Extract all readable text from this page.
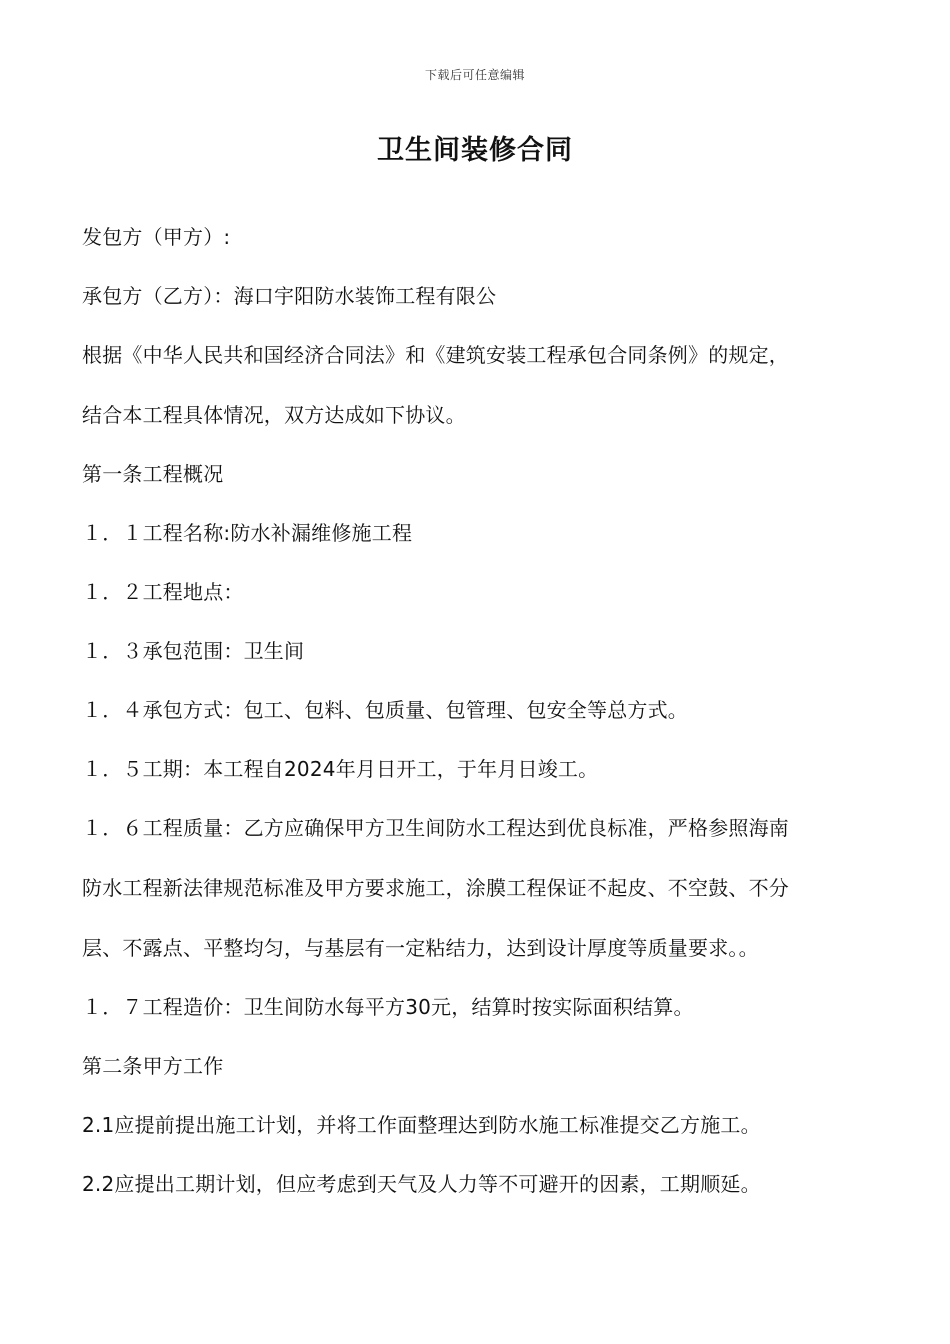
下载后可任意编辑
卫生间装修合同
发包方（甲方）:
承包方（乙方）：海口宇阳防水装饰工程有限公
根据《中华人民共和国经济合同法》和《建筑安装工程承包合同条例》的规定，
结合本工程具体情况，双方达成如下协议。
第一条工程概况
１．１工程名称:防水补漏维修施工程
１．２工程地点：
１．３承包范围：卫生间
１．４承包方式：包工、包料、包质量、包管理、包安全等总方式。
１．５工期：本工程自2024年月日开工，于年月日竣工。
１．６工程质量：乙方应确保甲方卫生间防水工程达到优良标准，严格参照海南
防水工程新法律规范标准及甲方要求施工，涂膜工程保证不起皮、不空鼓、不分
层、不露点、平整均匀，与基层有一定粘结力，达到设计厚度等质量要求。。
１．７工程造价：卫生间防水每平方30元，结算时按实际面积结算。
第二条甲方工作
2.1应提前提出施工计划，并将工作面整理达到防水施工标准提交乙方施工。
2.2应提出工期计划，但应考虑到天气及人力等不可避开的因素，工期顺延。
